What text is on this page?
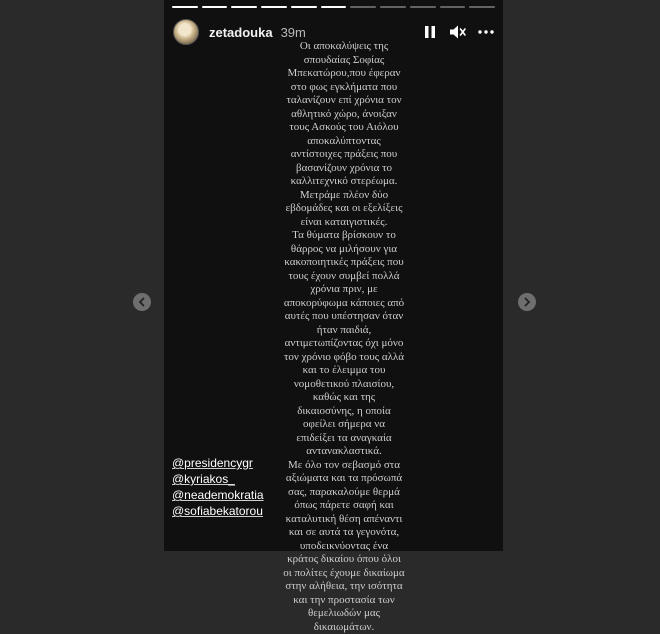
zetadouka 39m

Οι αποκαλύψεις της σπουδαίας Σοφίας Μπεκατώρου,που έφεραν στο φως εγκλήματα που ταλανίζουν επί χρόνια τον αθλητικό χώρο, άνοιξαν τους Ασκούς του Αιόλου αποκαλύπτοντας αντίστοιχες πράξεις που βασανίζουν χρόνια το καλλιτεχνικό στερέωμα. Μετράμε πλέον δύο εβδομάδες και οι εξελίξεις είναι καταιγιστικές.

Τα θύματα βρίσκουν το θάρρος να μιλήσουν για κακοποιητικές πράξεις που τους έχουν συμβεί πολλά χρόνια πριν, με αποκορύφωμα κάποιες από αυτές που υπέστησαν όταν ήταν παιδιά, αντιμετωπίζοντας όχι μόνο τον χρόνιο φόβο τους αλλά και το έλειμμα του νομοθετικού πλαισίου, καθώς και της δικαιοσύνης, η οποία οφείλει σήμερα να επιδείξει τα αναγκαία αντανακλαστικά.

Με όλο τον σεβασμό στα αξιώματα και τα πρόσωπά σας, παρακαλούμε θερμά όπως πάρετε σαφή και καταλυτική θέση απέναντι και σε αυτά τα γεγονότα, υποδεικνύοντας ένα κράτος δικαίου όπου όλοι οι πολίτες έχουμε δικαίωμα στην αλήθεια, την ισότητα και την προστασία των θεμελιωδών μας δικαιωμάτων.

@presidencygr
@kyriakos_
@neademokratia
@sofiabekatorou
